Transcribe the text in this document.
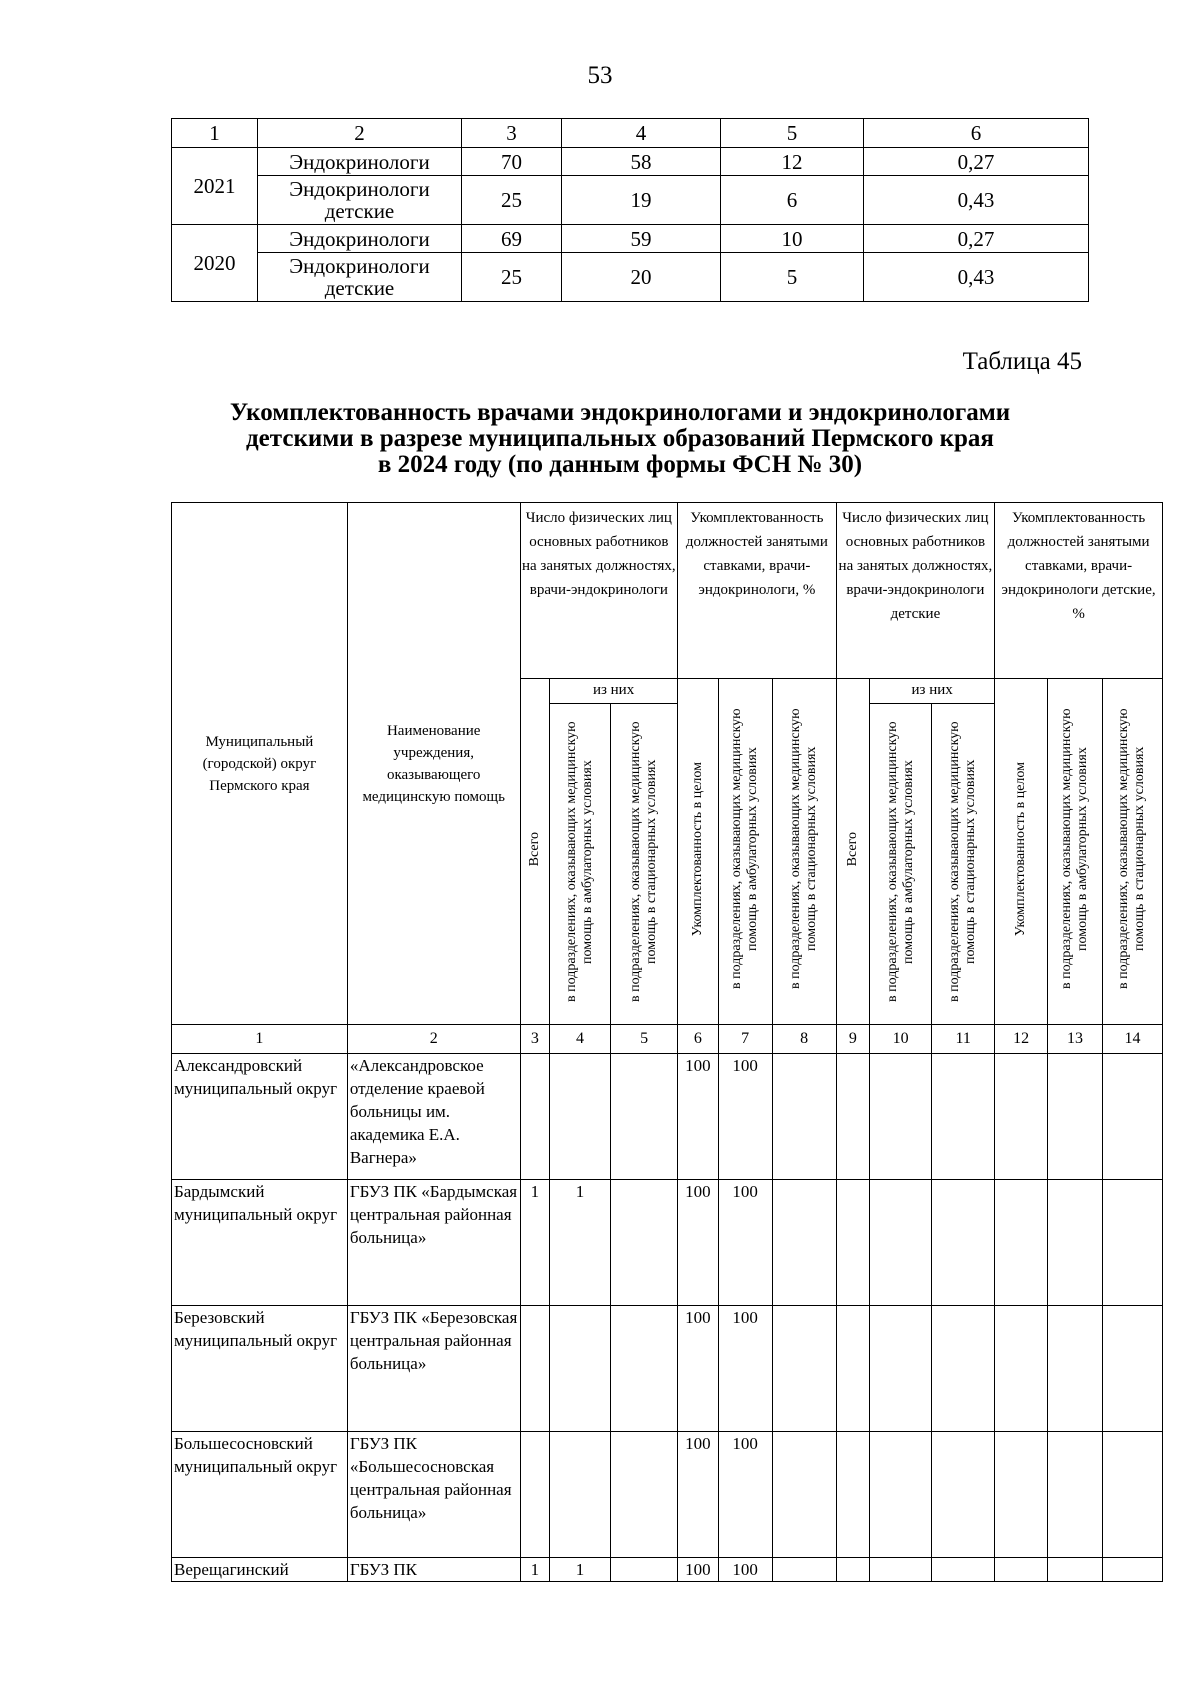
53
1	2	3	4	5	6
2021	Эндокринологи	70	58	12	0,27
	Эндокринологи детские	25	19	6	0,43
2020	Эндокринологи	69	59	10	0,27
	Эндокринологи детские	25	20	5	0,43
Таблица 45
Укомплектованность врачами эндокринологами и эндокринологами
детскими в разрезе муниципальных образований Пермского края
в 2024 году (по данным формы ФСН № 30)
Муниципальный (городской) округ Пермского края	Наименование учреждения, оказывающего медицинскую помощь	Число физических лиц основных работников на занятых должностях, врачи-эндокринологи			Укомплектованность должностей занятыми ставками, врачи-эндокринологи, %			Число физических лиц основных работников на занятых должностях, врачи-эндокринологи детские			Укомплектованность должностей занятыми ставками, врачи-эндокринологи детские, %		
		Всего	из них		Укомплектованность в целом	в подразделениях, оказывающих медицинскую помощь в амбулаторных условиях	в подразделениях, оказывающих медицинскую помощь в стационарных условиях	Всего	из них		Укомплектованность в целом	в подразделениях, оказывающих медицинскую помощь в амбулаторных условиях	в подразделениях, оказывающих медицинскую помощь в стационарных условиях
			в подразделениях, оказывающих медицинскую помощь в амбулаторных условиях	в подразделениях, оказывающих медицинскую помощь в стационарных условиях					в подразделениях, оказывающих медицинскую помощь в амбулаторных условиях	в подразделениях, оказывающих медицинскую помощь в стационарных условиях			
1	2	3	4	5	6	7	8	9	10	11	12	13	14
Александровский муниципальный округ	«Александровское отделение краевой больницы им. академика Е.А. Вагнера»				100	100							
Бардымский муниципальный округ	ГБУЗ ПК «Бардымская центральная районная больница»	1	1		100	100							
Березовский муниципальный округ	ГБУЗ ПК «Березовская центральная районная больница»				100	100							
Большесосновский муниципальный округ	ГБУЗ ПК «Большесосновская центральная районная больница»				100	100							
Верещагинский	ГБУЗ ПК	1	1		100	100							
